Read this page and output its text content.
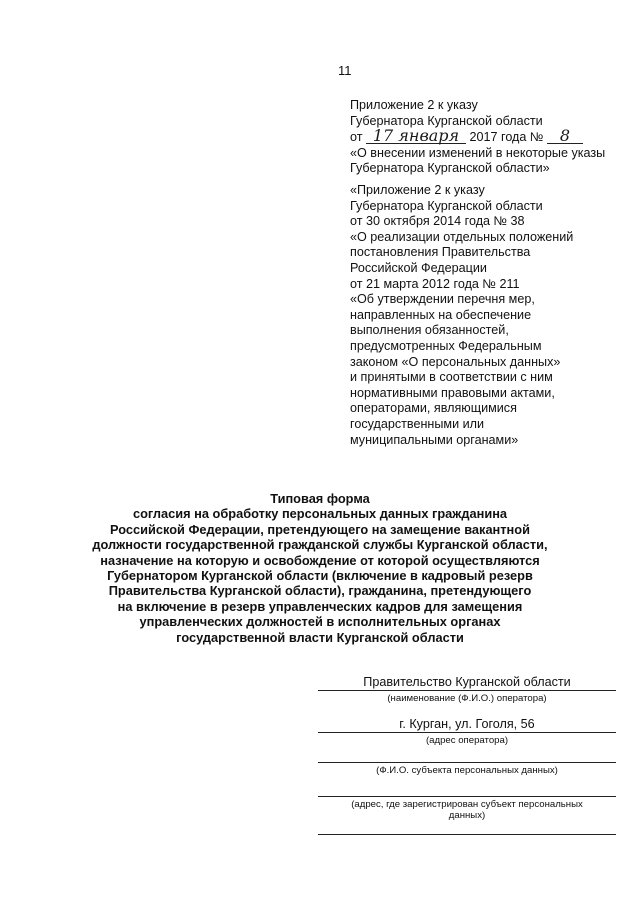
11
Приложение 2 к указу
Губернатора Курганской области
от 17 января 2017 года № 8
«О внесении изменений в некоторые указы
Губернатора Курганской области»
«Приложение 2 к указу
Губернатора Курганской области
от 30 октября 2014 года № 38
«О реализации отдельных положений
постановления Правительства
Российской Федерации
от 21 марта 2012 года № 211
«Об утверждении перечня мер,
направленных на обеспечение
выполнения обязанностей,
предусмотренных Федеральным
законом «О персональных данных»
и принятыми в соответствии с ним
нормативными правовыми актами,
операторами, являющимися
государственными или
муниципальными органами»
Типовая форма
согласия на обработку персональных данных гражданина
Российской Федерации, претендующего на замещение вакантной
должности государственной гражданской службы Курганской области,
назначение на которую и освобождение от которой осуществляются
Губернатором Курганской области (включение в кадровый резерв
Правительства Курганской области), гражданина, претендующего
на включение в резерв управленческих кадров для замещения
управленческих должностей в исполнительных органах
государственной власти Курганской области
Правительство Курганской области
(наименование (Ф.И.О.) оператора)
г. Курган, ул. Гоголя, 56
(адрес оператора)
(Ф.И.О. субъекта персональных данных)
(адрес, где зарегистрирован субъект персональных
данных)
